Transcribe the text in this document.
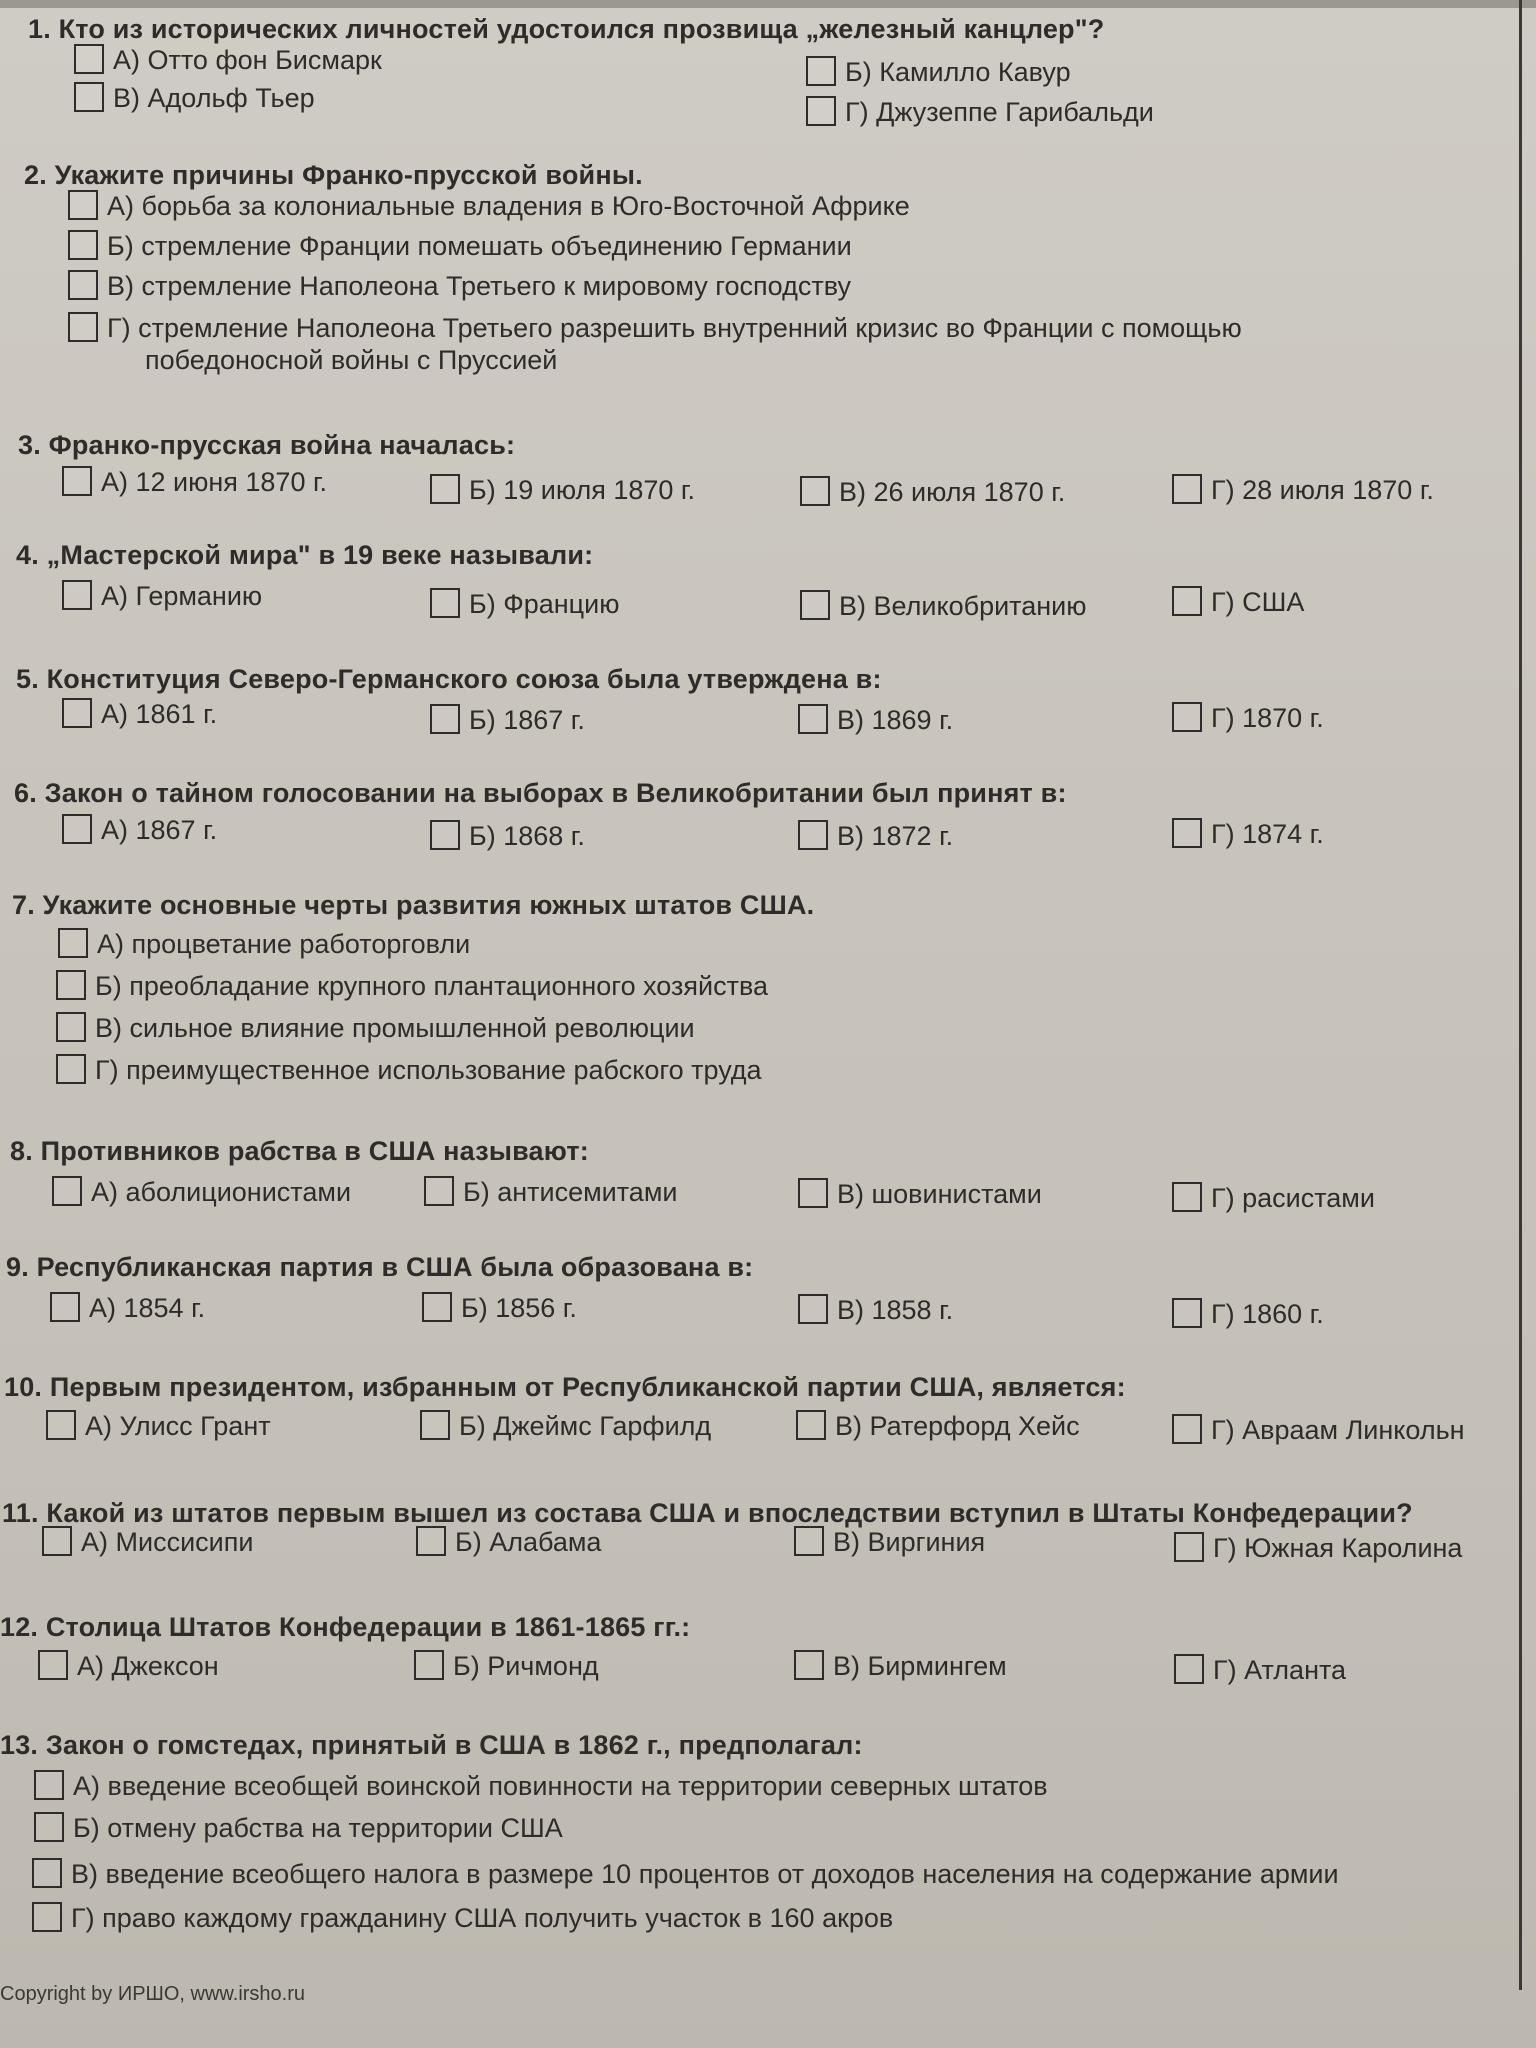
1. Кто из исторических личностей удостоился прозвища „железный канцлер"?
А) Отто фон Бисмарк	Б) Камилло Кавур
В) Адольф Тьер	Г) Джузеппе Гарибальди
2. Укажите причины Франко-прусской войны.
А) борьба за колониальные владения в Юго-Восточной Африке
Б) стремление Франции помешать объединению Германии
В) стремление Наполеона Третьего к мировому господству
Г) стремление Наполеона Третьего разрешить внутренний кризис во Франции с помощью
победоносной войны с Пруссией
3. Франко-прусская война началась:
А) 12 июня 1870 г.	Б) 19 июля 1870 г.	В) 26 июля 1870 г.	Г) 28 июля 1870 г.
4. „Мастерской мира" в 19 веке называли:
А) Германию	Б) Францию	В) Великобританию	Г) США
5. Конституция Северо-Германского союза была утверждена в:
А) 1861 г.	Б) 1867 г.	В) 1869 г.	Г) 1870 г.
6. Закон о тайном голосовании на выборах в Великобритании был принят в:
А) 1867 г.	Б) 1868 г.	В) 1872 г.	Г) 1874 г.
7. Укажите основные черты развития южных штатов США.
А) процветание работорговли
Б) преобладание крупного плантационного хозяйства
В) сильное влияние промышленной революции
Г) преимущественное использование рабского труда
8. Противников рабства в США называют:
А) аболиционистами	Б) антисемитами	В) шовинистами	Г) расистами
9. Республиканская партия в США была образована в:
А) 1854 г.	Б) 1856 г.	В) 1858 г.	Г) 1860 г.
10. Первым президентом, избранным от Республиканской партии США, является:
А) Улисс Грант	Б) Джеймс Гарфилд	В) Ратерфорд Хейс	Г) Авраам Линкольн
11. Какой из штатов первым вышел из состава США и впоследствии вступил в Штаты Конфедерации?
А) Миссисипи	Б) Алабама	В) Виргиния	Г) Южная Каролина
12. Столица Штатов Конфедерации в 1861-1865 гг.:
А) Джексон	Б) Ричмонд	В) Бирмингем	Г) Атланта
13. Закон о гомстедах, принятый в США в 1862 г., предполагал:
А) введение всеобщей воинской повинности на территории северных штатов
Б) отмену рабства на территории США
В) введение всеобщего налога в размере 10 процентов от доходов населения на содержание армии
Г) право каждому гражданину США получить участок в 160 акров
Copyright by ИРШО, www.irsho.ru
